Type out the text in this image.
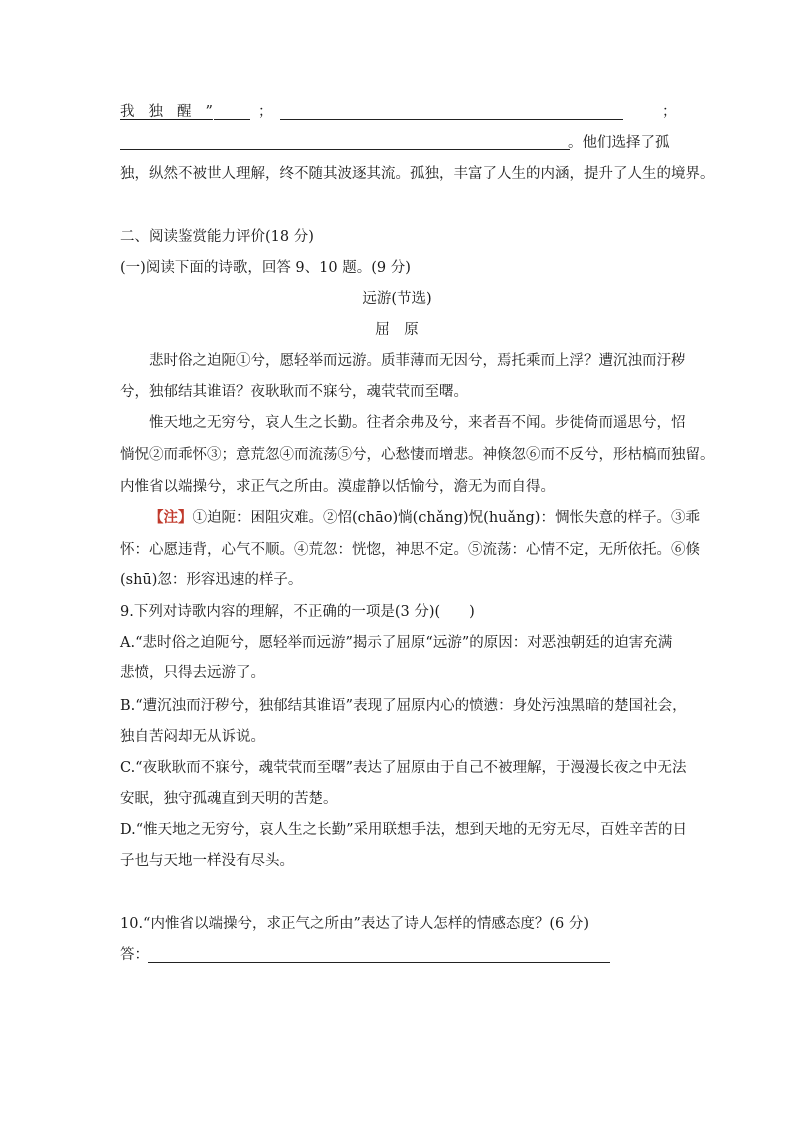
我独醒”	；	；
。他们选择了孤
独，纵然不被世人理解，终不随其波逐其流。孤独，丰富了人生的内涵，提升了人生的境界。
二、阅读鉴赏能力评价(18 分)
(一)阅读下面的诗歌，回答 9、10 题。(9 分)
远游(节选)
屈　原
悲时俗之迫阨①兮，愿轻举而远游。质菲薄而无因兮，焉托乘而上浮？遭沉浊而汙秽
兮，独郁结其谁语？夜耿耿而不寐兮，魂茕茕而至曙。
惟天地之无穷兮，哀人生之长勤。往者余弗及兮，来者吾不闻。步徙倚而遥思兮，怊
惝怳②而乖怀③；意荒忽④而流荡⑤兮，心愁悽而增悲。神倏忽⑥而不反兮，形枯槁而独留。
内惟省以端操兮，求正气之所由。漠虚静以恬愉兮，澹无为而自得。
【注】①迫阨：困阻灾难。②怊(chāo)惝(chǎng)怳(huǎng)：惆怅失意的样子。③乖
怀：心愿违背，心气不顺。④荒忽：恍惚，神思不定。⑤流荡：心情不定，无所依托。⑥倏
(shū)忽：形容迅速的样子。
9.下列对诗歌内容的理解，不正确的一项是(3 分)(　　)
A.“悲时俗之迫阨兮，愿轻举而远游”揭示了屈原“远游”的原因：对恶浊朝廷的迫害充满
悲愤，只得去远游了。
B.“遭沉浊而汙秽兮，独郁结其谁语”表现了屈原内心的愤懑：身处污浊黑暗的楚国社会，
独自苦闷却无从诉说。
C.“夜耿耿而不寐兮，魂茕茕而至曙”表达了屈原由于自己不被理解，于漫漫长夜之中无法
安眠，独守孤魂直到天明的苦楚。
D.“惟天地之无穷兮，哀人生之长勤”采用联想手法，想到天地的无穷无尽，百姓辛苦的日
子也与天地一样没有尽头。
10.“内惟省以端操兮，求正气之所由”表达了诗人怎样的情感态度？(6 分)
答：
